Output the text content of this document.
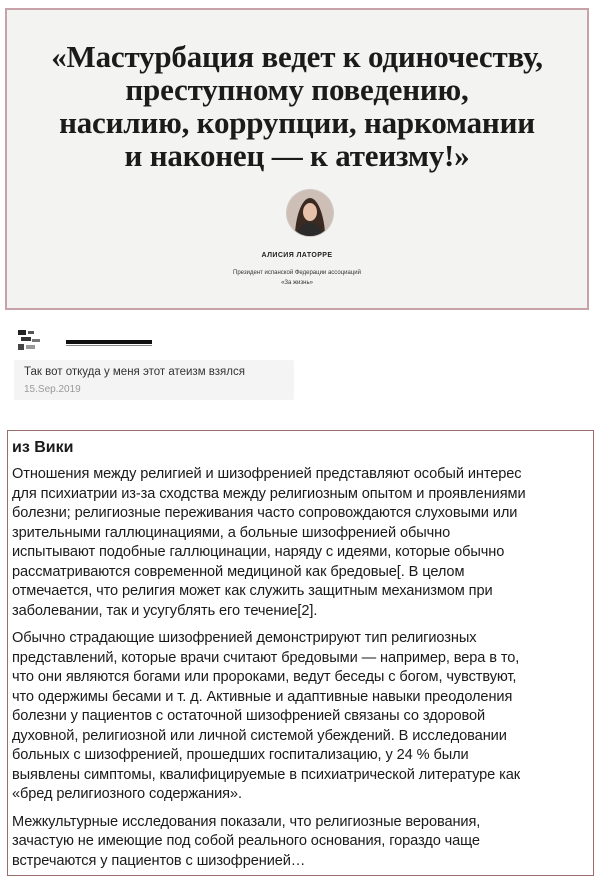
«Мастурбация ведет к одиночеству,
преступному поведению,
насилию, коррупции, наркомании
и наконец — к атеизму!»
АЛИСИЯ ЛАТОРРЕ
Президент испанской Федерации ассоциаций
«За жизнь»
Так вот откуда у меня этот атеизм взялся
15.Sep.2019
из Вики

Отношения между религией и шизофренией представляют особый интерес
для психиатрии из-за сходства между религиозным опытом и проявлениями
болезни; религиозные переживания часто сопровождаются слуховыми или
зрительными галлюцинациями, а больные шизофренией обычно
испытывают подобные галлюцинации, наряду с идеями, которые обычно
рассматриваются современной медициной как бредовые[. В целом
отмечается, что религия может как служить защитным механизмом при
заболевании, так и усугублять его течение[2].

Обычно страдающие шизофренией демонстрируют тип религиозных
представлений, которые врачи считают бредовыми — например, вера в то,
что они являются богами или пророками, ведут беседы с богом, чувствуют,
что одержимы бесами и т. д. Активные и адаптивные навыки преодоления
болезни у пациентов с остаточной шизофренией связаны со здоровой
духовной, религиозной или личной системой убеждений. В исследовании
больных с шизофренией, прошедших госпитализацию, у 24 % были
выявлены симптомы, квалифицируемые в психиатрической литературе как
«бред религиозного содержания».

Межкультурные исследования показали, что религиозные верования,
зачастую не имеющие под собой реального основания, гораздо чаще
встречаются у пациентов с шизофренией…
